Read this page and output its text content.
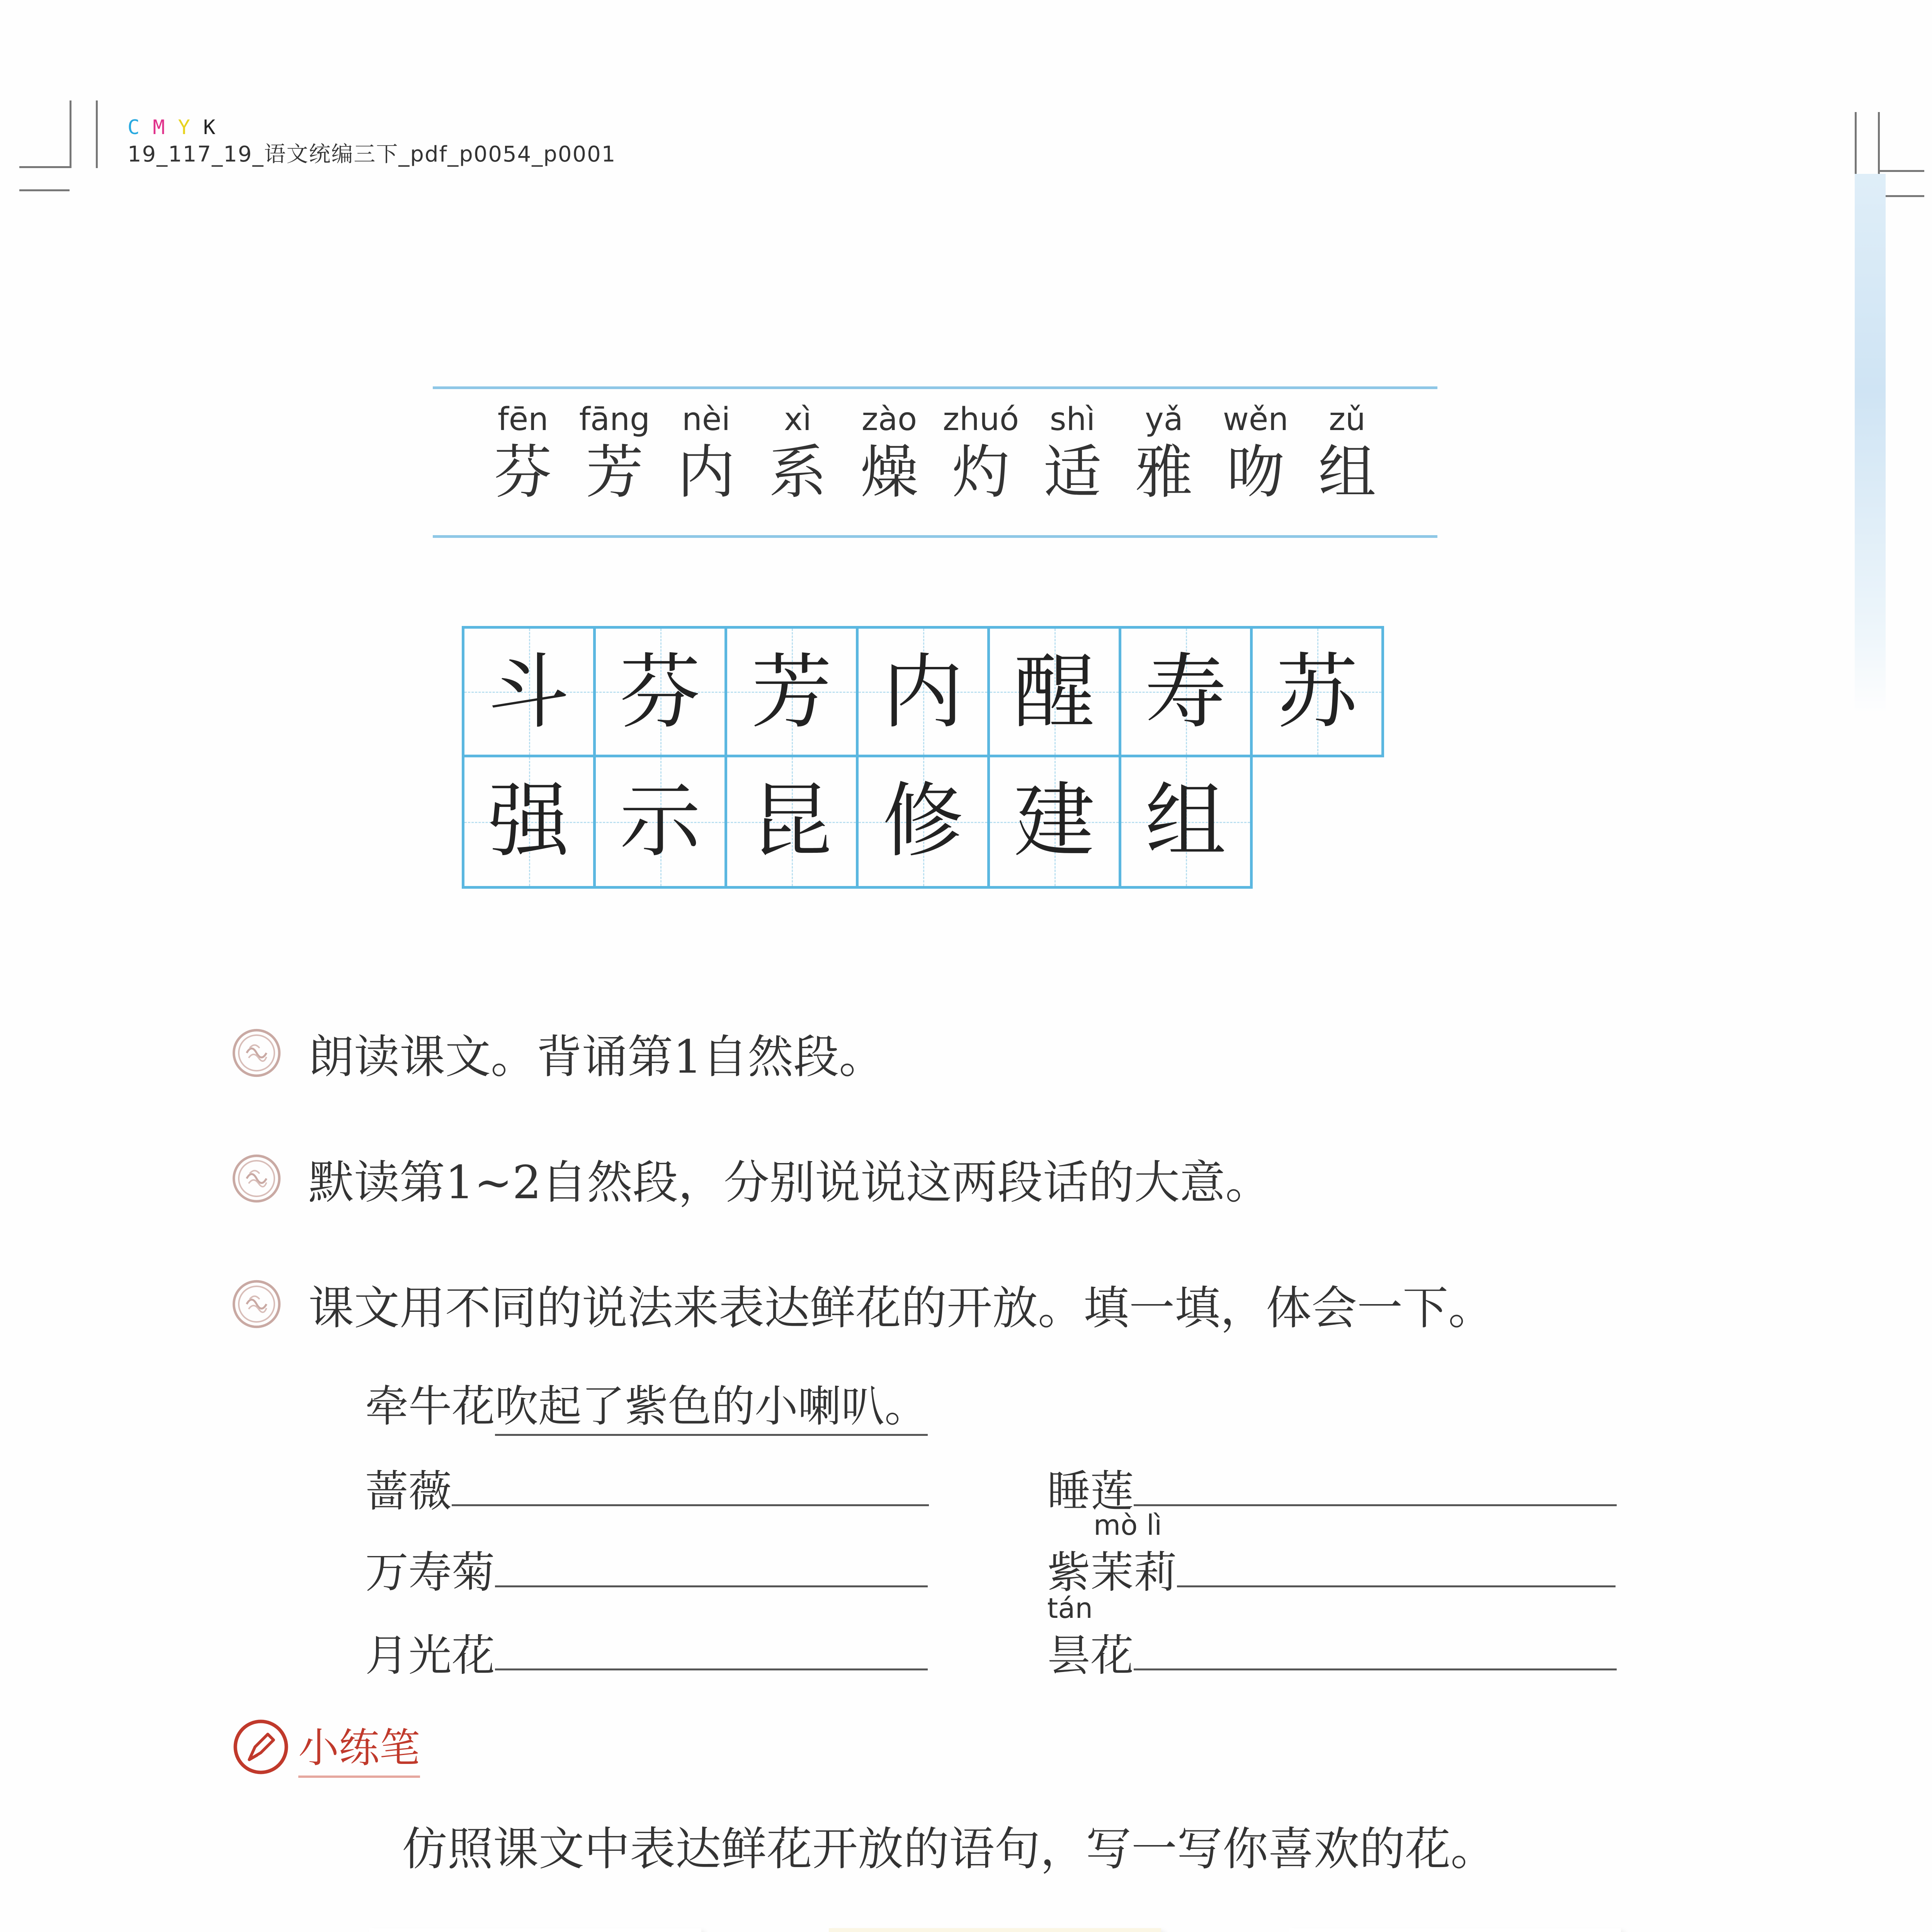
C M Y K
19_117_19_语文统编三下_pdf_p0054_p0001
fēn
芬
fāng
芳
nèi
内
xì
系
zào
燥
zhuó
灼
shì
适
yǎ
雅
wěn
吻
zǔ
组
斗 芬 芳 内 醒 寿 苏
强 示 昆 修 建 组
朗读课文。背诵第1自然段。
默读第1~2自然段，分别说说这两段话的大意。
课文用不同的说法来表达鲜花的开放。填一填，体会一下。
牵牛花吹起了紫色的小喇叭。
蔷薇
万寿菊
月光花
睡莲
mò lì
紫茉莉
tán
昙花
小练笔
仿照课文中表达鲜花开放的语句，写一写你喜欢的花。
